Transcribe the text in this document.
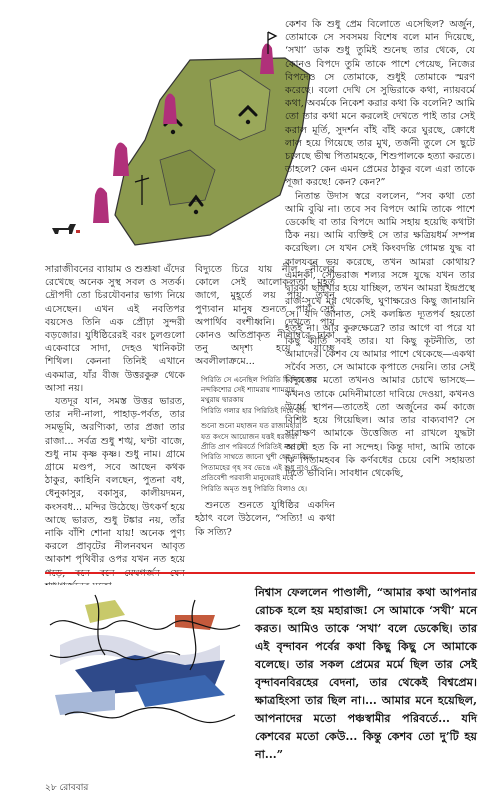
কেশব কি শুধু প্রেম বিলোতে এসেছিল? অর্জুন, তোমাকে সে সবসময় বিশেষ বলে মান দিয়েছে, ‘সখা’ ডাক শুধু তুমিই শুনেছ তার থেকে, যে কোনও বিপদে তুমি তাকে পাশে পেয়েছ, নিজের বিপদেও সে তোমাকে, শুধুই তোমাকে স্মরণ করেছে। বলো দেখি সে সুভিরাকে কথা, ন্যায়বর্মে কথা, অবর্মকে নিকেশ করার কথা কি বলেনি? আমি তো তার কথা মনে করলেই দেখতে পাই তার সেই করাল মূর্তি, সুদর্শন বাঁই বাঁই করে ঘুরছে, ক্রোধে লাল হয়ে গিয়েছে তার মুখ, তর্জনী তুলে সে ছুটে চলেছে ভীষ্ম পিতামহকে, শিশুপালকে হত্যা করতে। তাহলে? কেন এমন প্রেমের ঠাকুর বলে এরা তাকে পূজা করছে! কেন? কেন?”

নিতান্ত উদাস স্বরে বললেন, “সব কথা তো আমি বুঝি না। তবে সব বিপদে আমি তাকে পাশে ডেকেছি বা তার বিপদে আমি সহায় হয়েছি কথাটা ঠিক নয়। আমি ব্যক্তিই সে তার ক্ষত্রিয়ধর্ম সম্পন্ন করেছিল। সে যখন সেই কিংবদন্তি গোমন্ত যুদ্ধ বা কালযবন ভয় করেছে, তখন আমরা কোথায়? এমনকী, সৌভরাজ শল্যর সঙ্গে যুদ্ধে যখন তার দ্বারকা ছারখার হয়ে যাচ্ছিল, তখন আমরা ইন্দ্রপ্রস্থে রাজ-সুখে মগ্ন থেকেছি, ঘুণাক্ষরেও কিছু জানায়নি সে। যদি জানাত, সেই কলঙ্কিত দ্যূতপর্ব হয়তো হতই না। আর কুরুক্ষেত্রে? তার আগে বা পরে যা কিছু কীর্তি সবই তার। যা কিছু কূটনীতি, তা আমাদের। কেশব যে আমার পাশে থেকেছে—একথা সর্বৈব সত্য, সে আমাকে কৃপাতে দেয়নি। তার সেই বিদ্যুতের মতো তখনও আমার চোখে ভাসছে—কখনও তাকে মেদিনীমাতো দাবিয়ে দেওয়া, কখনও উর্ধ্বে স্থাপন—তাতেই তো অর্জুনের কর্ম কাজে বিশিষ্ট হয়ে গিয়েছিল। আর তার বাক্যবাণ? সে সারাক্ষণ আমাকে উত্তেজিত না রাখলে যুদ্ধটা আদৌ হত কি না সন্দেহ। কিন্তু দাদা, আমি তাকে কি পিতামহবৰ কি কর্ণবধের চেয়ে বেশি সহায়তা দিতে ভাবিনি। সাবধান থেকেছি,

সারাজীবনের ব্যায়াম ও শুশ্রূষা এঁদের রেখেছে অনেক সুস্থ সবল ও সতর্ক। দ্রৌপদী তো চিরযৌবনার ভাগ্য নিয়ে এসেছেন। এখন এই নবতিপর বয়সেও তিনি এক প্রৌঢ়া সুন্দরী বড়জোর। যুধিষ্ঠিরেরই বরং চুলগুলো একেবারে সাদা, দেহও খানিকটা শিথিল। কেননা তিনিই এখানে একমাত্র, যাঁর বীজ উত্তরকুরু থেকে আসা নয়।

যতদূর যান, সমস্ত উত্তর ভারত, তার নদী-নালা, পাহাড়-পর্বত, তার সমভূমি, অরণ্যিকা, তার প্রজা তার রাজা... সর্বত্র শুধু শঙ্খ, ঘণ্টা বাজে, শুধু নাম কৃষ্ণ কৃষ্ণ। শুধু নাম। গ্রামে গ্রামে মণ্ডপ, সবে আছেন কথক ঠাকুর, কাহিনি বলছেন, পুতনা বধ, ধেনুকাসুর, বকাসুর, কালীয়দমন, কংসবধ... মন্দির উঠেছে। উৎকর্ণ হয়ে আছে ভারত, শুধু টঙ্কার নয়, তাঁর নাকি বাঁশি শোনা যায়! অনেক পুণ্য করলে প্রাবৃটের নীলনবঘন আবৃত আকাশ পৃথিবীর ওপর যখন নত হয়ে

বিদ্যুতে চিরে যায় নীল, নীলের কোলে সেই আলোকলতা মুহূর্ত জাগে, মুহূর্তে লয় পায়, তখন পুণ্যবান মানুষ শুনতে পায় সেই অপার্থিব বংশীধ্বনি। দেখতে পায় কোনও অতিপ্রাকৃত নীলাম্বরে ঢাকা তনু অদৃশ্য হয়ে যাচ্ছে অবলীলাক্রমে...

পিরিতি সে এনেছিল পিরিতি হি দিয়ে যায়
নন্দকিশোর সেই শ্যামরায় শ্যামরায়
মথুরায় দ্বারকায়
পিরিতি গলার হার পিরিতিই দিয়ে যায়
শুনো শুনো মহাজন যত রাজামহারা
যত কংসে আয়োজন যত্তই ধরজরা
প্রীতি প্রাণ পরিবর্তে পিরিতিই নাও হে
পিরিতি সাথতে জানো খুশী হেৱ ভাবিয়ে
পিতামহের গৃহ সব ভেঙে এই শুধু নাও হে
প্রতিবেশী পরবাসী মানুষেরাই মর্বে
পিরিতি অমৃত শুধু পিরিতি বিলাও হে।

শুনতে শুনতে যুধিষ্ঠির একদিন হঠাৎ বলে উঠলেন, “সত্যি! এ কথা কি সত্যি?

নিশ্বাস ফেললেন পাণ্ডালী, “আমার কথা আপনার রোচক হলে হয় মহারাজ! সে আমাকে ‘সখী’ মনে করত। আমিও তাকে ‘সখা’ বলে ডেকেছি। তার এই বৃন্দাবন পর্বের কথা কিছু কিছু সে আমাকে বলেছে। তার সকল প্রেমের মর্মে ছিল তার সেই বৃন্দাবনবিরহের বেদনা, তার থেকেই বিশ্বপ্রেম। ক্ষাত্রহিংসা তার ছিল না।... আমার মনে হয়েছিল, আপনাদের মতো পঞ্চস্বামীর পরিবর্তে... যদি কেশবের মতো কেউ... কিন্তু কেশব তো দু’টি হয় না...”
২৮ রোববার
